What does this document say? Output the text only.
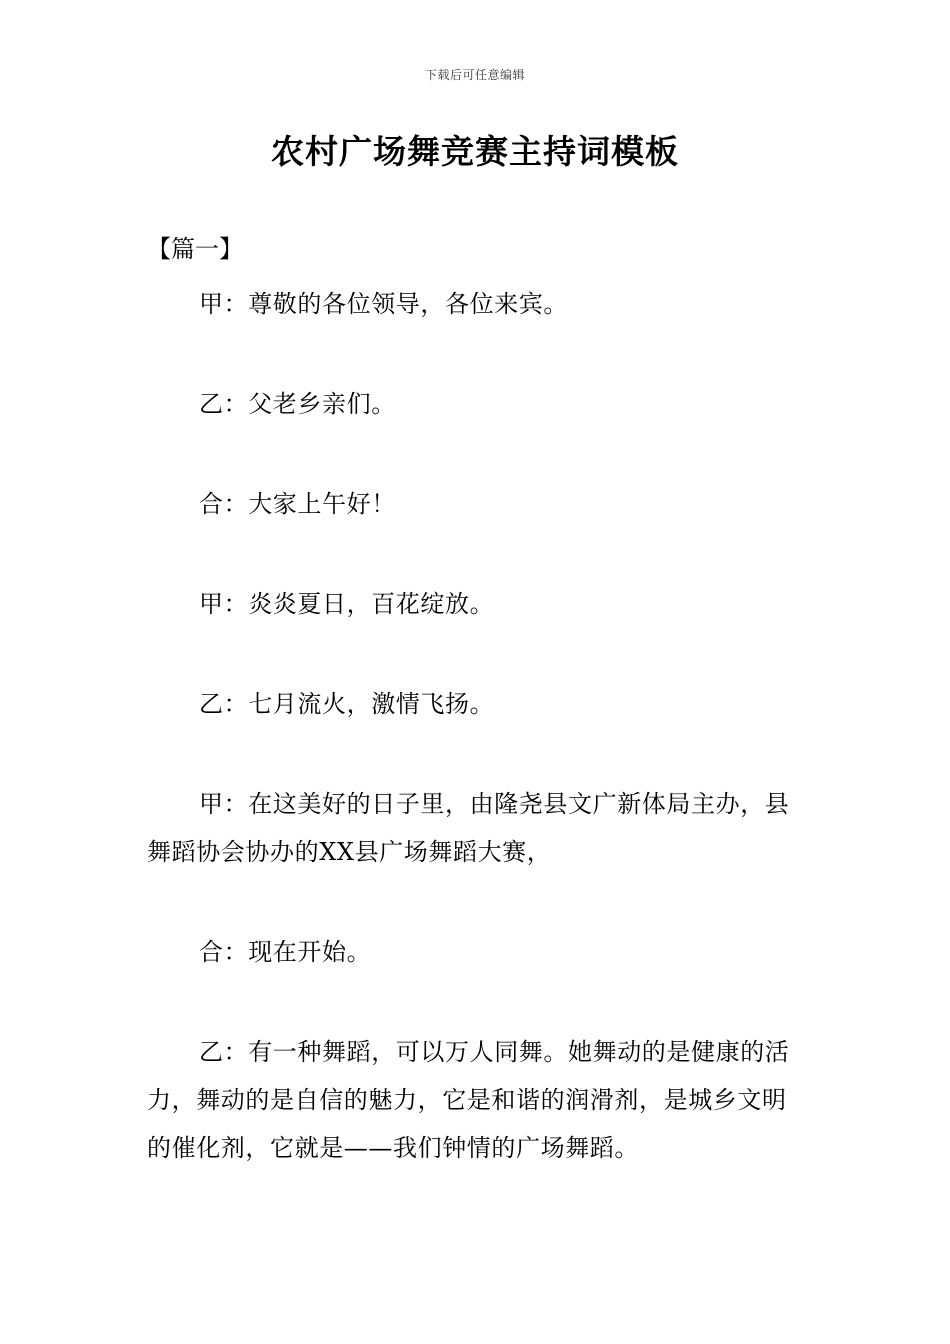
下载后可任意编辑
农村广场舞竞赛主持词模板
【篇一】

甲：尊敬的各位领导，各位来宾。

乙：父老乡亲们。

合：大家上午好！

甲：炎炎夏日，百花绽放。

乙：七月流火，激情飞扬。

甲：在这美好的日子里，由隆尧县文广新体局主办，县舞蹈协会协办的XX县广场舞蹈大赛，

合：现在开始。

乙：有一种舞蹈，可以万人同舞。她舞动的是健康的活力，舞动的是自信的魅力，它是和谐的润滑剂，是城乡文明的催化剂，它就是——我们钟情的广场舞蹈。
